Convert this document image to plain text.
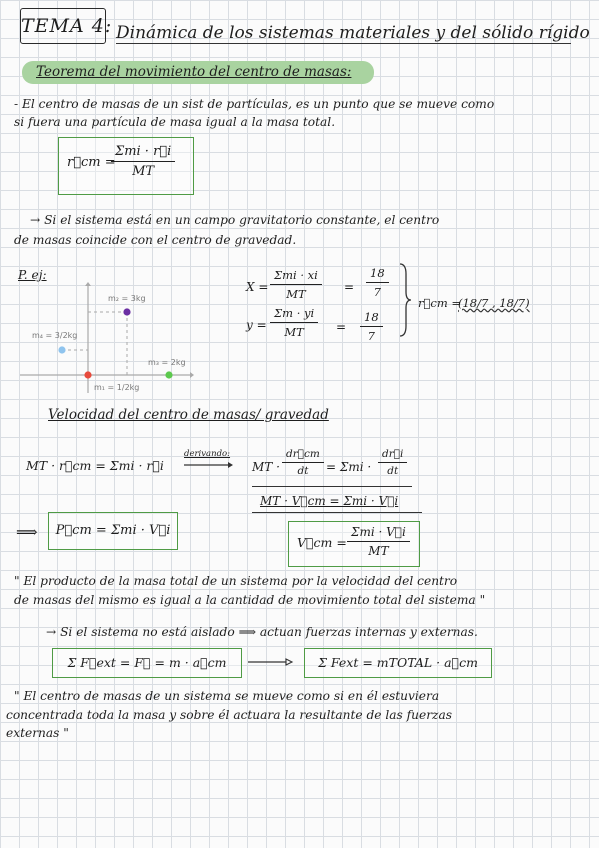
TEMA 4: Dinámica de los sistemas materiales y del sólido rígido
Teorema del movimiento del centro de masas:
- El centro de masas de un sist de partículas, es un punto que se mueve como
si fuera una partícula de masa igual a la masa total.
r⃗cm =
Σmi · r⃗i
MT
→ Si el sistema está en un campo gravitatorio constante, el centro
de masas coincide con el centro de gravedad.
P. ej:
m₂ = 3kg
m₄ = 3/2kg
m₃ = 2kg
m₁ = 1/2kg
X =
Σmi · xi
MT	= $\frac{18}{7}$
$y = \frac{\Sigma m \cdot yi}{MT} = \frac{18}{7}$
r⃗cm =
(18/7 , 18/7)
Velocidad del centro de masas/ gravedad
MT · r⃗cm = Σmi · r⃗i
derivando:
MT · $\frac{dr⃗cm}{dt} = \Sigma mi \cdot \frac{dr⃗i}{dt}$
MT · V⃗cm = Σmi · V⃗i
⟹	P⃗cm = Σmi · V⃗i
V⃗cm =
Σmi · V⃗i
MT
" El producto de la masa total de un sistema por la velocidad del centro
de masas del mismo es igual a la cantidad de movimiento total del sistema "
→ Si el sistema no está aislado ⟹ actuan fuerzas internas y externas.
Σ F⃗ext = F⃗ = m · a⃗cm	Σ Fext = mTOTAL · a⃗cm
" El centro de masas de un sistema se mueve como si en él estuviera
concentrada toda la masa y sobre él actuara la resultante de las fuerzas
externas "
